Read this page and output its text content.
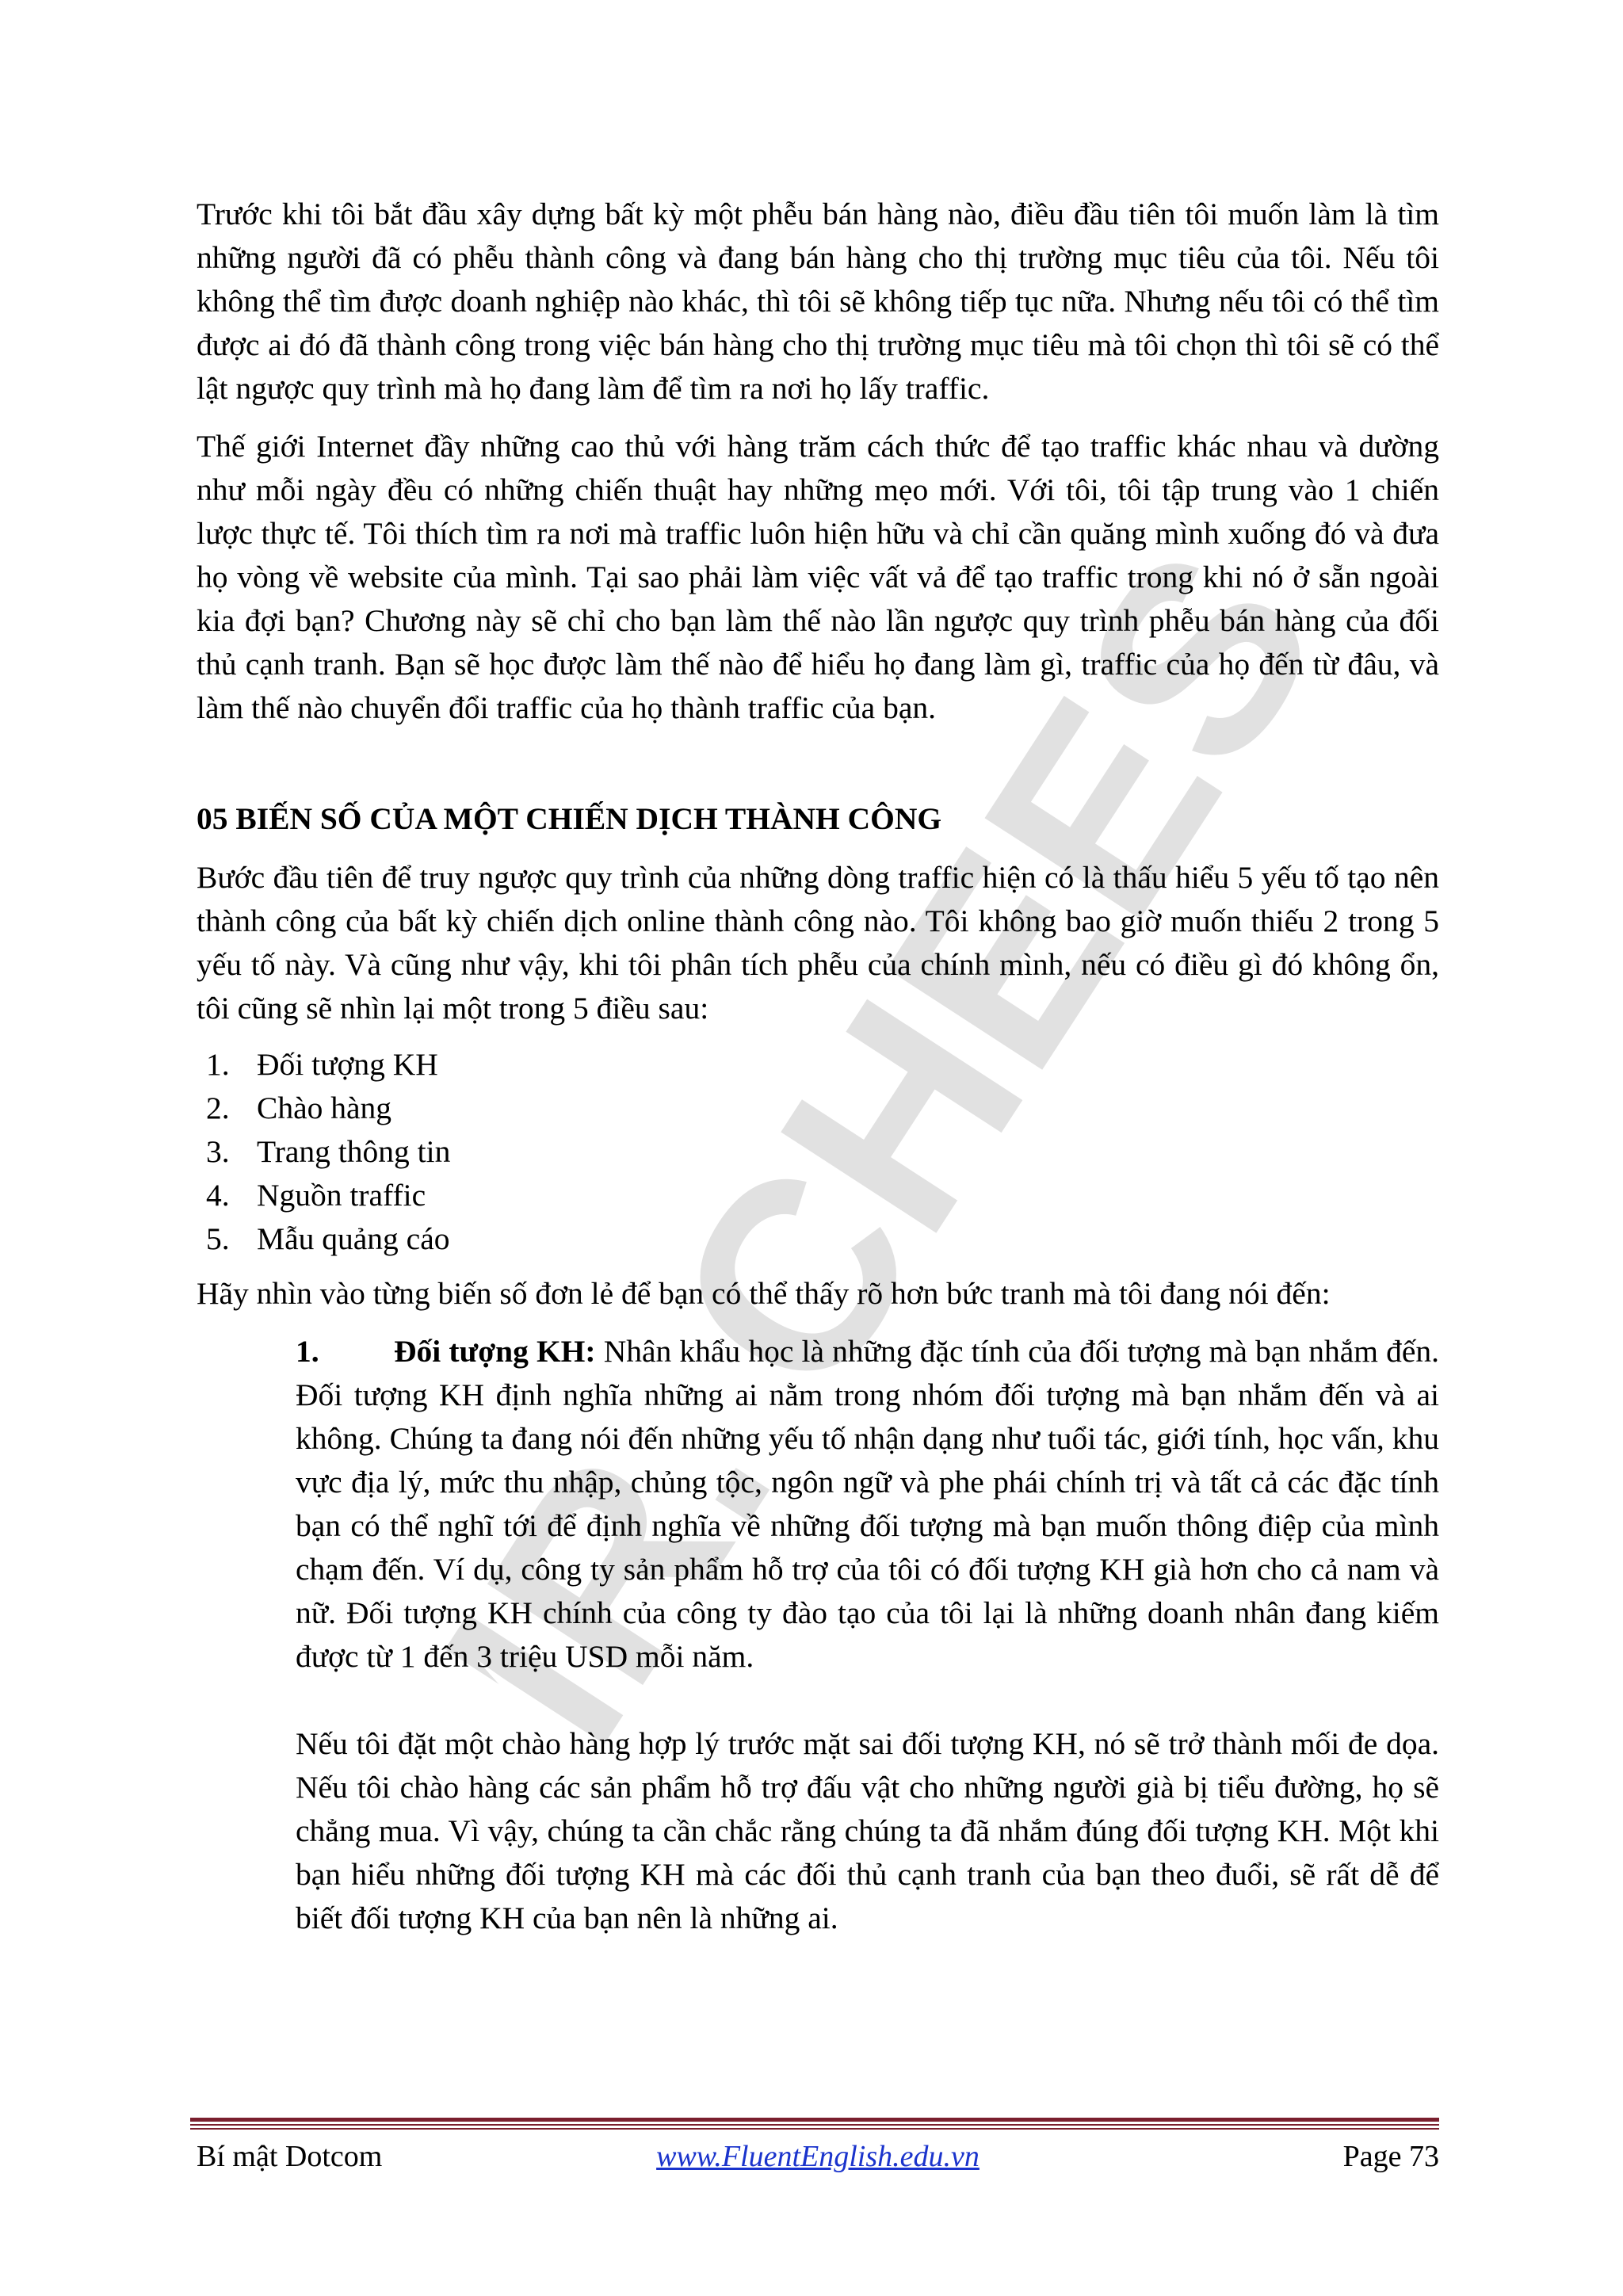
MR. CHEESE

Trước khi tôi bắt đầu xây dựng bất kỳ một phễu bán hàng nào, điều đầu tiên tôi muốn làm là tìm những người đã có phễu thành công và đang bán hàng cho thị trường mục tiêu của tôi. Nếu tôi không thể tìm được doanh nghiệp nào khác, thì tôi sẽ không tiếp tục nữa. Nhưng nếu tôi có thể tìm được ai đó đã thành công trong việc bán hàng cho thị trường mục tiêu mà tôi chọn thì tôi sẽ có thể lật ngược quy trình mà họ đang làm để tìm ra nơi họ lấy traffic.

Thế giới Internet đầy những cao thủ với hàng trăm cách thức để tạo traffic khác nhau và dường như mỗi ngày đều có những chiến thuật hay những mẹo mới. Với tôi, tôi tập trung vào 1 chiến lược thực tế. Tôi thích tìm ra nơi mà traffic luôn hiện hữu và chỉ cần quăng mình xuống đó và đưa họ vòng về website của mình. Tại sao phải làm việc vất vả để tạo traffic trong khi nó ở sẵn ngoài kia đợi bạn? Chương này sẽ chỉ cho bạn làm thế nào lần ngược quy trình phễu bán hàng của đối thủ cạnh tranh. Bạn sẽ học được làm thế nào để hiểu họ đang làm gì, traffic của họ đến từ đâu, và làm thế nào chuyển đổi traffic của họ thành traffic của bạn.

05 BIẾN SỐ CỦA MỘT CHIẾN DỊCH THÀNH CÔNG

Bước đầu tiên để truy ngược quy trình của những dòng traffic hiện có là thấu hiểu 5 yếu tố tạo nên thành công của bất kỳ chiến dịch online thành công nào. Tôi không bao giờ muốn thiếu 2 trong 5 yếu tố này. Và cũng như vậy, khi tôi phân tích phễu của chính mình, nếu có điều gì đó không ổn, tôi cũng sẽ nhìn lại một trong 5 điều sau:

1. Đối tượng KH
2. Chào hàng
3. Trang thông tin
4. Nguồn traffic
5. Mẫu quảng cáo

Hãy nhìn vào từng biến số đơn lẻ để bạn có thể thấy rõ hơn bức tranh mà tôi đang nói đến:

1. Đối tượng KH: Nhân khẩu học là những đặc tính của đối tượng mà bạn nhắm đến. Đối tượng KH định nghĩa những ai nằm trong nhóm đối tượng mà bạn nhắm đến và ai không. Chúng ta đang nói đến những yếu tố nhận dạng như tuổi tác, giới tính, học vấn, khu vực địa lý, mức thu nhập, chủng tộc, ngôn ngữ và phe phái chính trị và tất cả các đặc tính bạn có thể nghĩ tới để định nghĩa về những đối tượng mà bạn muốn thông điệp của mình chạm đến. Ví dụ, công ty sản phẩm hỗ trợ của tôi có đối tượng KH già hơn cho cả nam và nữ. Đối tượng KH chính của công ty đào tạo của tôi lại là những doanh nhân đang kiếm được từ 1 đến 3 triệu USD mỗi năm.

Nếu tôi đặt một chào hàng hợp lý trước mặt sai đối tượng KH, nó sẽ trở thành mối đe dọa. Nếu tôi chào hàng các sản phẩm hỗ trợ đấu vật cho những người già bị tiểu đường, họ sẽ chẳng mua. Vì vậy, chúng ta cần chắc rằng chúng ta đã nhắm đúng đối tượng KH. Một khi bạn hiểu những đối tượng KH mà các đối thủ cạnh tranh của bạn theo đuổi, sẽ rất dễ để biết đối tượng KH của bạn nên là những ai.

Bí mật Dotcom	www.FluentEnglish.edu.vn	Page 73
